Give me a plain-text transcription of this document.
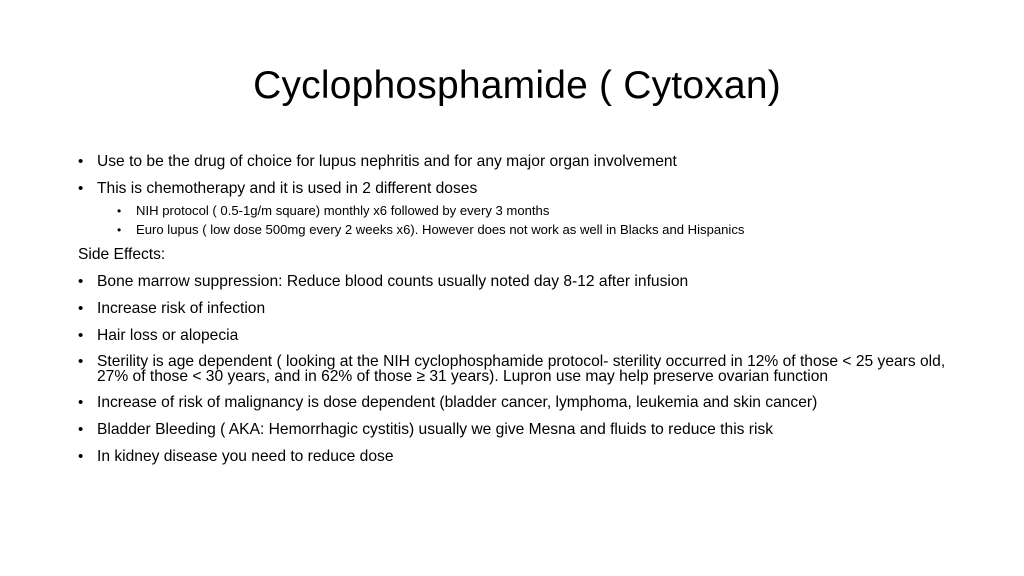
Cyclophosphamide ( Cytoxan)
• Use to be the drug of choice for lupus nephritis and for any major organ involvement
• This is chemotherapy and it is used in 2 different doses
• NIH protocol ( 0.5-1g/m square) monthly x6 followed by every 3 months
• Euro lupus ( low dose 500mg every 2 weeks x6). However does not work as well in Blacks and Hispanics
Side Effects:
• Bone marrow suppression: Reduce blood counts usually noted day 8-12 after infusion
• Increase risk of infection
• Hair loss or alopecia
• Sterility is age dependent ( looking at the NIH cyclophosphamide protocol- sterility occurred in 12% of those < 25 years old, 27% of those < 30 years, and in 62% of those ≥ 31 years). Lupron use may help preserve ovarian function
• Increase of risk of malignancy is dose dependent (bladder cancer, lymphoma, leukemia and skin cancer)
• Bladder Bleeding ( AKA: Hemorrhagic cystitis) usually we give Mesna and fluids to reduce this risk
• In kidney disease you need to reduce dose
